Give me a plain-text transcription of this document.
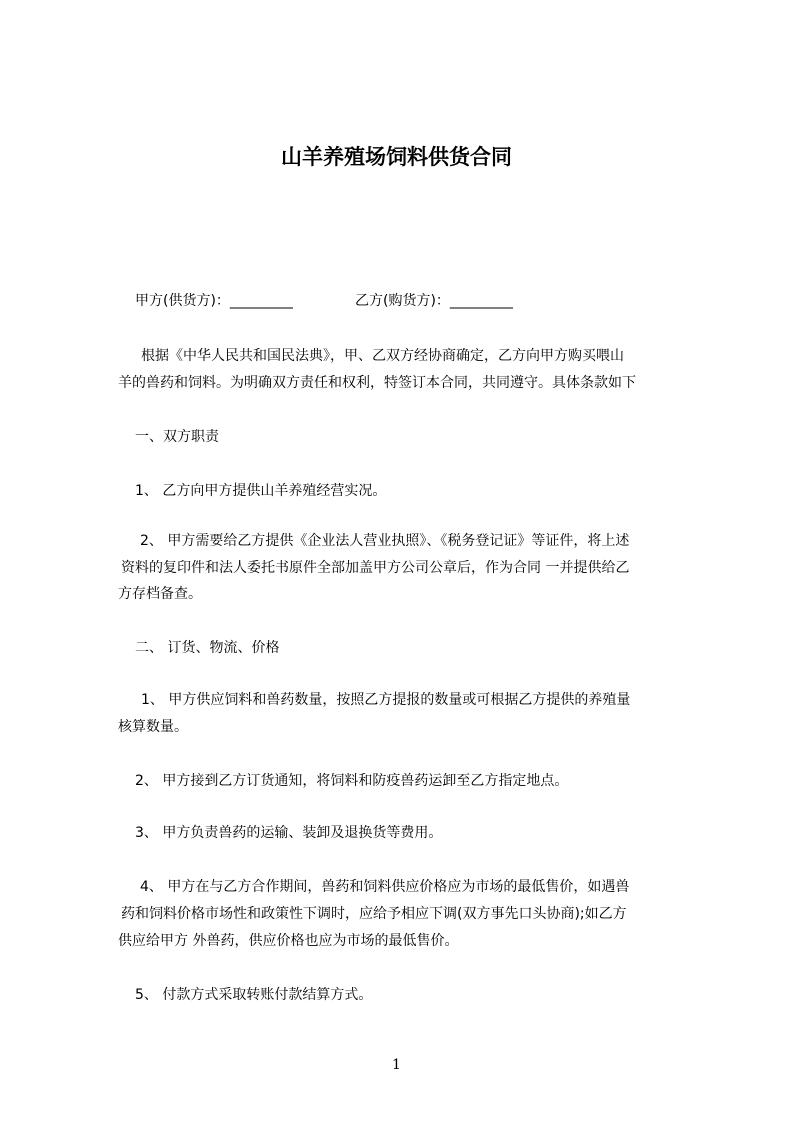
山羊养殖场饲料供货合同

甲方(供货方)：_________	乙方(购货方)：_________

根据《中华人民共和国民法典》，甲、乙双方经协商确定，乙方向甲方购买喂山

羊的兽药和饲料。为明确双方责任和权利，特签订本合同，共同遵守。具体条款如下

一、双方职责

1、 乙方向甲方提供山羊养殖经营实况。

2、 甲方需要给乙方提供《企业法人营业执照》、《税务登记证》等证件，将上述

资料的复印件和法人委托书原件全部加盖甲方公司公章后，作为合同 一并提供给乙

方存档备查。

二、 订货、物流、价格

1、 甲方供应饲料和兽药数量，按照乙方提报的数量或可根据乙方提供的养殖量

核算数量。

2、 甲方接到乙方订货通知，将饲料和防疫兽药运卸至乙方指定地点。

3、 甲方负责兽药的运输、装卸及退换货等费用。

4、 甲方在与乙方合作期间，兽药和饲料供应价格应为市场的最低售价，如遇兽

药和饲料价格市场性和政策性下调时，应给予相应下调(双方事先口头协商);如乙方

供应给甲方 外兽药，供应价格也应为市场的最低售价。

5、 付款方式采取转账付款结算方式。

1
